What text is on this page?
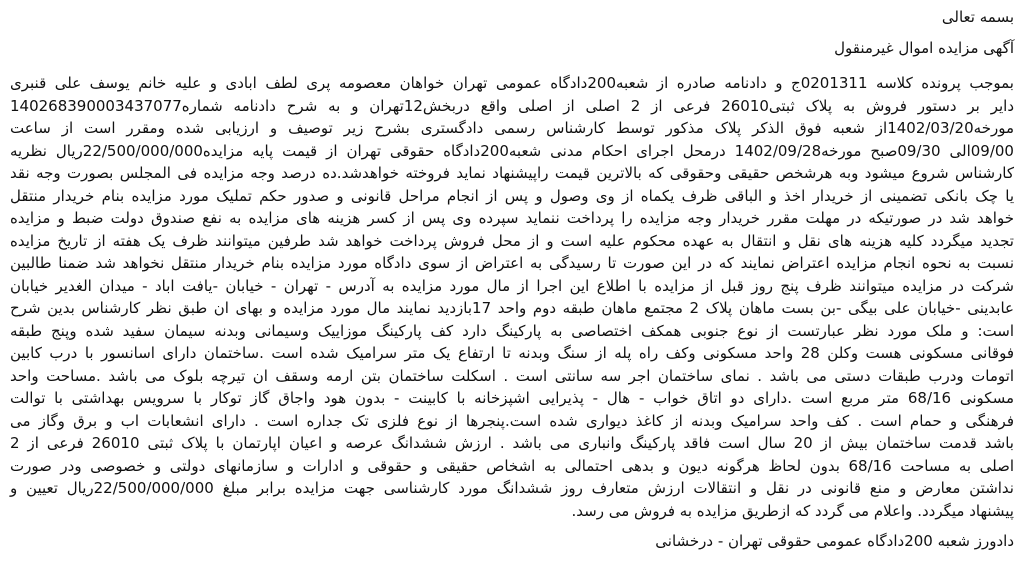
بسمه تعالی
آگهی مزایده اموال غیرمنقول
بموجب پرونده کلاسه 0201311ج و دادنامه صادره از شعبه200دادگاه عمومی تهران خواهان معصومه پری لطف ابادی و علیه خانم یوسف علی قنبری
دایر بر دستور فروش به پلاک ثبتی26010 فرعی از 2 اصلی از اصلی واقع دربخش12تهران و به شرح دادنامه شماره140268390003437077
مورخه1402/03/20از شعبه فوق الذکر پلاک مذکور توسط کارشناس رسمی دادگستری بشرح زیر توصیف و ارزیابی شده ومقرر است از ساعت
09/00الی 09/30صبح مورخه1402/09/28 درمحل اجرای احکام مدنی شعبه200دادگاه حقوقی تهران از قیمت پایه مزایده22/500/000/000ریال نظریه
کارشناس شروع میشود وبه هرشخص حقیقی وحقوقی که بالاترین قیمت راپیشنهاد نماید فروخته خواهدشد.ده درصد وجه مزایده فی المجلس بصورت وجه نقد
یا چک بانکی تضمینی از خریدار اخذ و الباقی ظرف یکماه از وی وصول و پس از انجام مراحل قانونی و صدور حکم تملیک مورد مزایده بنام خریدار منتقل
خواهد شد در صورتیکه در مهلت مقرر خریدار وجه مزایده را پرداخت ننماید سپرده وی پس از کسر هزینه های مزایده به نفع صندوق دولت ضبط و مزایده
تجدید میگردد کلیه هزینه های نقل و انتقال به عهده محکوم علیه است و از محل فروش پرداخت خواهد شد طرفین میتوانند ظرف یک هفته از تاریخ مزایده
نسبت به نحوه انجام مزایده اعتراض نمایند که در این صورت تا رسیدگی به اعتراض از سوی دادگاه مورد مزایده بنام خریدار منتقل نخواهد شد ضمنا طالبین
شرکت در مزایده میتوانند ظرف پنج روز قبل از مزایده با اطلاع این اجرا از مال مورد مزایده به آدرس - تهران - خیابان -یافت اباد - میدان الغدیر خیابان
عابدینی -خیابان علی بیگی -بن بست ماهان پلاک 2 مجتمع ماهان طبقه دوم واحد 17بازدید نمایند مال مورد مزایده و بهای ان طبق نظر کارشناس بدین شرح
است: و ملک مورد نظر عبارتست از نوع جنوبی همکف اختصاصی به پارکینگ دارد کف پارکینگ موزاییک وسیمانی وبدنه سیمان سفید شده وپنج طبقه
فوقانی مسکونی هست وکلن 28 واحد مسکونی وکف راه پله از سنگ وبدنه تا ارتفاع یک متر سرامیک شده است .ساختمان دارای اسانسور با درب کابین
اتومات ودرب طبقات دستی می باشد . نمای ساختمان اجر سه سانتی است . اسکلت ساختمان بتن ارمه وسقف ان تیرچه بلوک می باشد .مساحت واحد
مسکونی 68/16 متر مربع است .دارای دو اتاق خواب - هال - پذیرایی اشپزخانه با کابینت - بدون هود واجاق گاز توکار با سرویس بهداشتی با توالت
فرهنگی و حمام است . کف واحد سرامیک وبدنه از کاغذ دیواری شده است.پنجرها از نوع فلزی تک جداره است . دارای انشعابات اب و برق وگاز می
باشد قدمت ساختمان بیش از 20 سال است فاقد پارکینگ وانباری می باشد . ارزش ششدانگ عرصه و اعیان اپارتمان با پلاک ثبتی 26010 فرعی از 2
اصلی به مساحت 68/16 بدون لحاظ هرگونه دیون و بدهی احتمالی به اشخاص حقیقی و حقوقی و ادارات و سازمانهای دولتی و خصوصی ودر صورت
نداشتن معارض و منع قانونی در نقل و انتقالات ارزش متعارف روز ششدانگ مورد کارشناسی جهت مزایده برابر مبلغ 22/500/000/000ریال تعیین و
پیشنهاد میگردد. واعلام می گردد که ازطریق مزایده به فروش می رسد.
دادورز شعبه 200دادگاه عمومی حقوقی تهران - درخشانی
